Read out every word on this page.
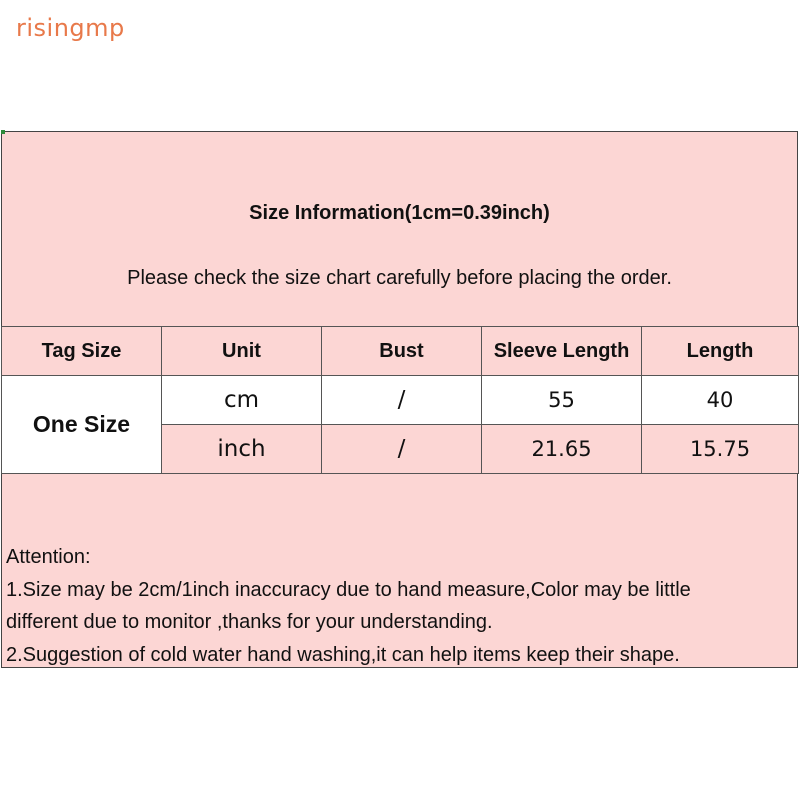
risingmp
Size Information(1cm=0.39inch)
Please check the size chart carefully before placing the order.
Tag Size	Unit	Bust	Sleeve Length	Length
One Size	cm	/	55	40
	inch	/	21.65	15.75
Attention:
1.Size may be 2cm/1inch inaccuracy due to hand measure,Color may be little
different due to monitor ,thanks for your understanding.
2.Suggestion of cold water hand washing,it can help items keep their shape.
